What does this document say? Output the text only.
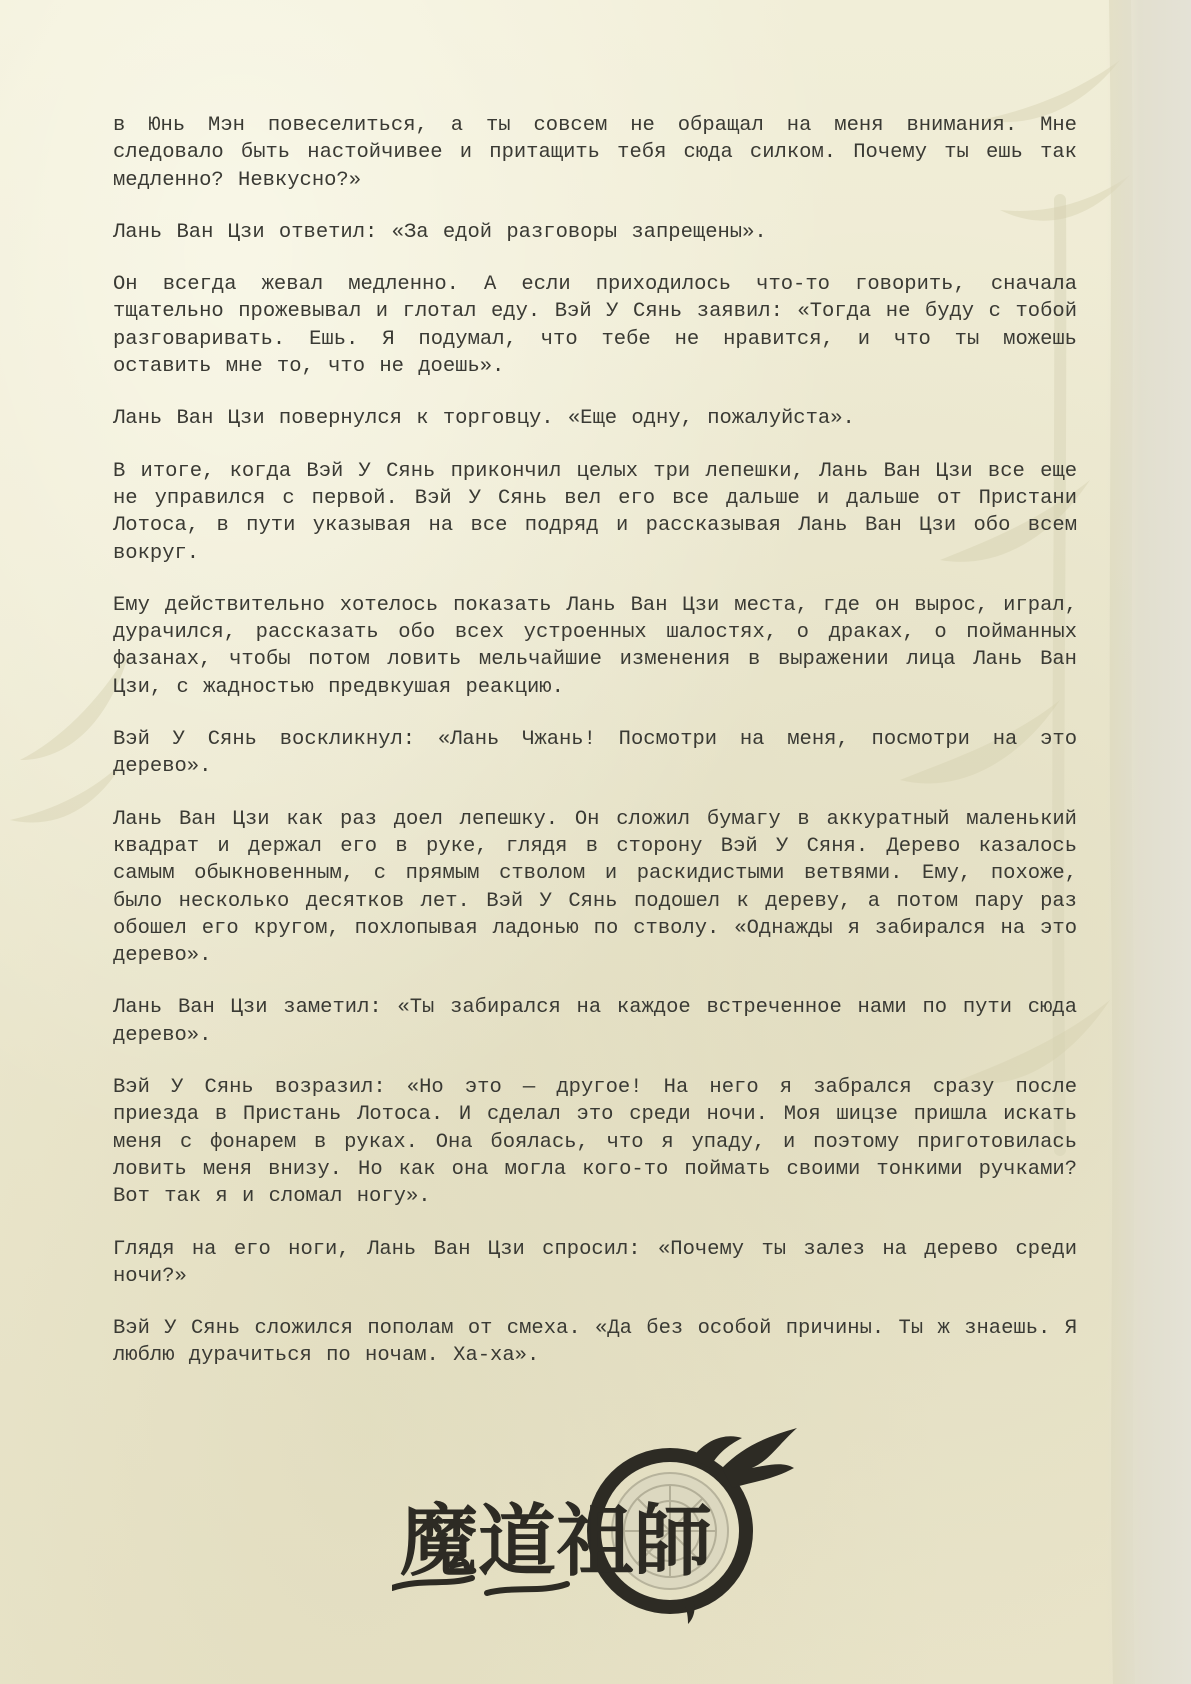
в Юнь Мэн повеселиться, а ты совсем не обращал на меня внимания. Мне следовало быть настойчивее и притащить тебя сюда силком. Почему ты ешь так медленно? Невкусно?»

Лань Ван Цзи ответил: «За едой разговоры запрещены».

Он всегда жевал медленно. А если приходилось что-то говорить, сначала тщательно прожевывал и глотал еду. Вэй У Сянь заявил: «Тогда не буду с тобой разговаривать. Ешь. Я подумал, что тебе не нравится, и что ты можешь оставить мне то, что не доешь».

Лань Ван Цзи повернулся к торговцу. «Еще одну, пожалуйста».

В итоге, когда Вэй У Сянь прикончил целых три лепешки, Лань Ван Цзи все еще не управился с первой. Вэй У Сянь вел его все дальше и дальше от Пристани Лотоса, в пути указывая на все подряд и рассказывая Лань Ван Цзи обо всем вокруг.

Ему действительно хотелось показать Лань Ван Цзи места, где он вырос, играл, дурачился, рассказать обо всех устроенных шалостях, о драках, о пойманных фазанах, чтобы потом ловить мельчайшие изменения в выражении лица Лань Ван Цзи, с жадностью предвкушая реакцию.

Вэй У Сянь воскликнул: «Лань Чжань! Посмотри на меня, посмотри на это дерево».

Лань Ван Цзи как раз доел лепешку. Он сложил бумагу в аккуратный маленький квадрат и держал его в руке, глядя в сторону Вэй У Сяня. Дерево казалось самым обыкновенным, с прямым стволом и раскидистыми ветвями. Ему, похоже, было несколько десятков лет. Вэй У Сянь подошел к дереву, а потом пару раз обошел его кругом, похлопывая ладонью по стволу. «Однажды я забирался на это дерево».

Лань Ван Цзи заметил: «Ты забирался на каждое встреченное нами по пути сюда дерево».

Вэй У Сянь возразил: «Но это — другое! На него я забрался сразу после приезда в Пристань Лотоса. И сделал это среди ночи. Моя шицзе пришла искать меня с фонарем в руках. Она боялась, что я упаду, и поэтому приготовилась ловить меня внизу. Но как она могла кого-то поймать своими тонкими ручками? Вот так я и сломал ногу».

Глядя на его ноги, Лань Ван Цзи спросил: «Почему ты залез на дерево среди ночи?»

Вэй У Сянь сложился пополам от смеха. «Да без особой причины. Ты ж знаешь. Я люблю дурачиться по ночам. Ха-ха».

魔道祖師
